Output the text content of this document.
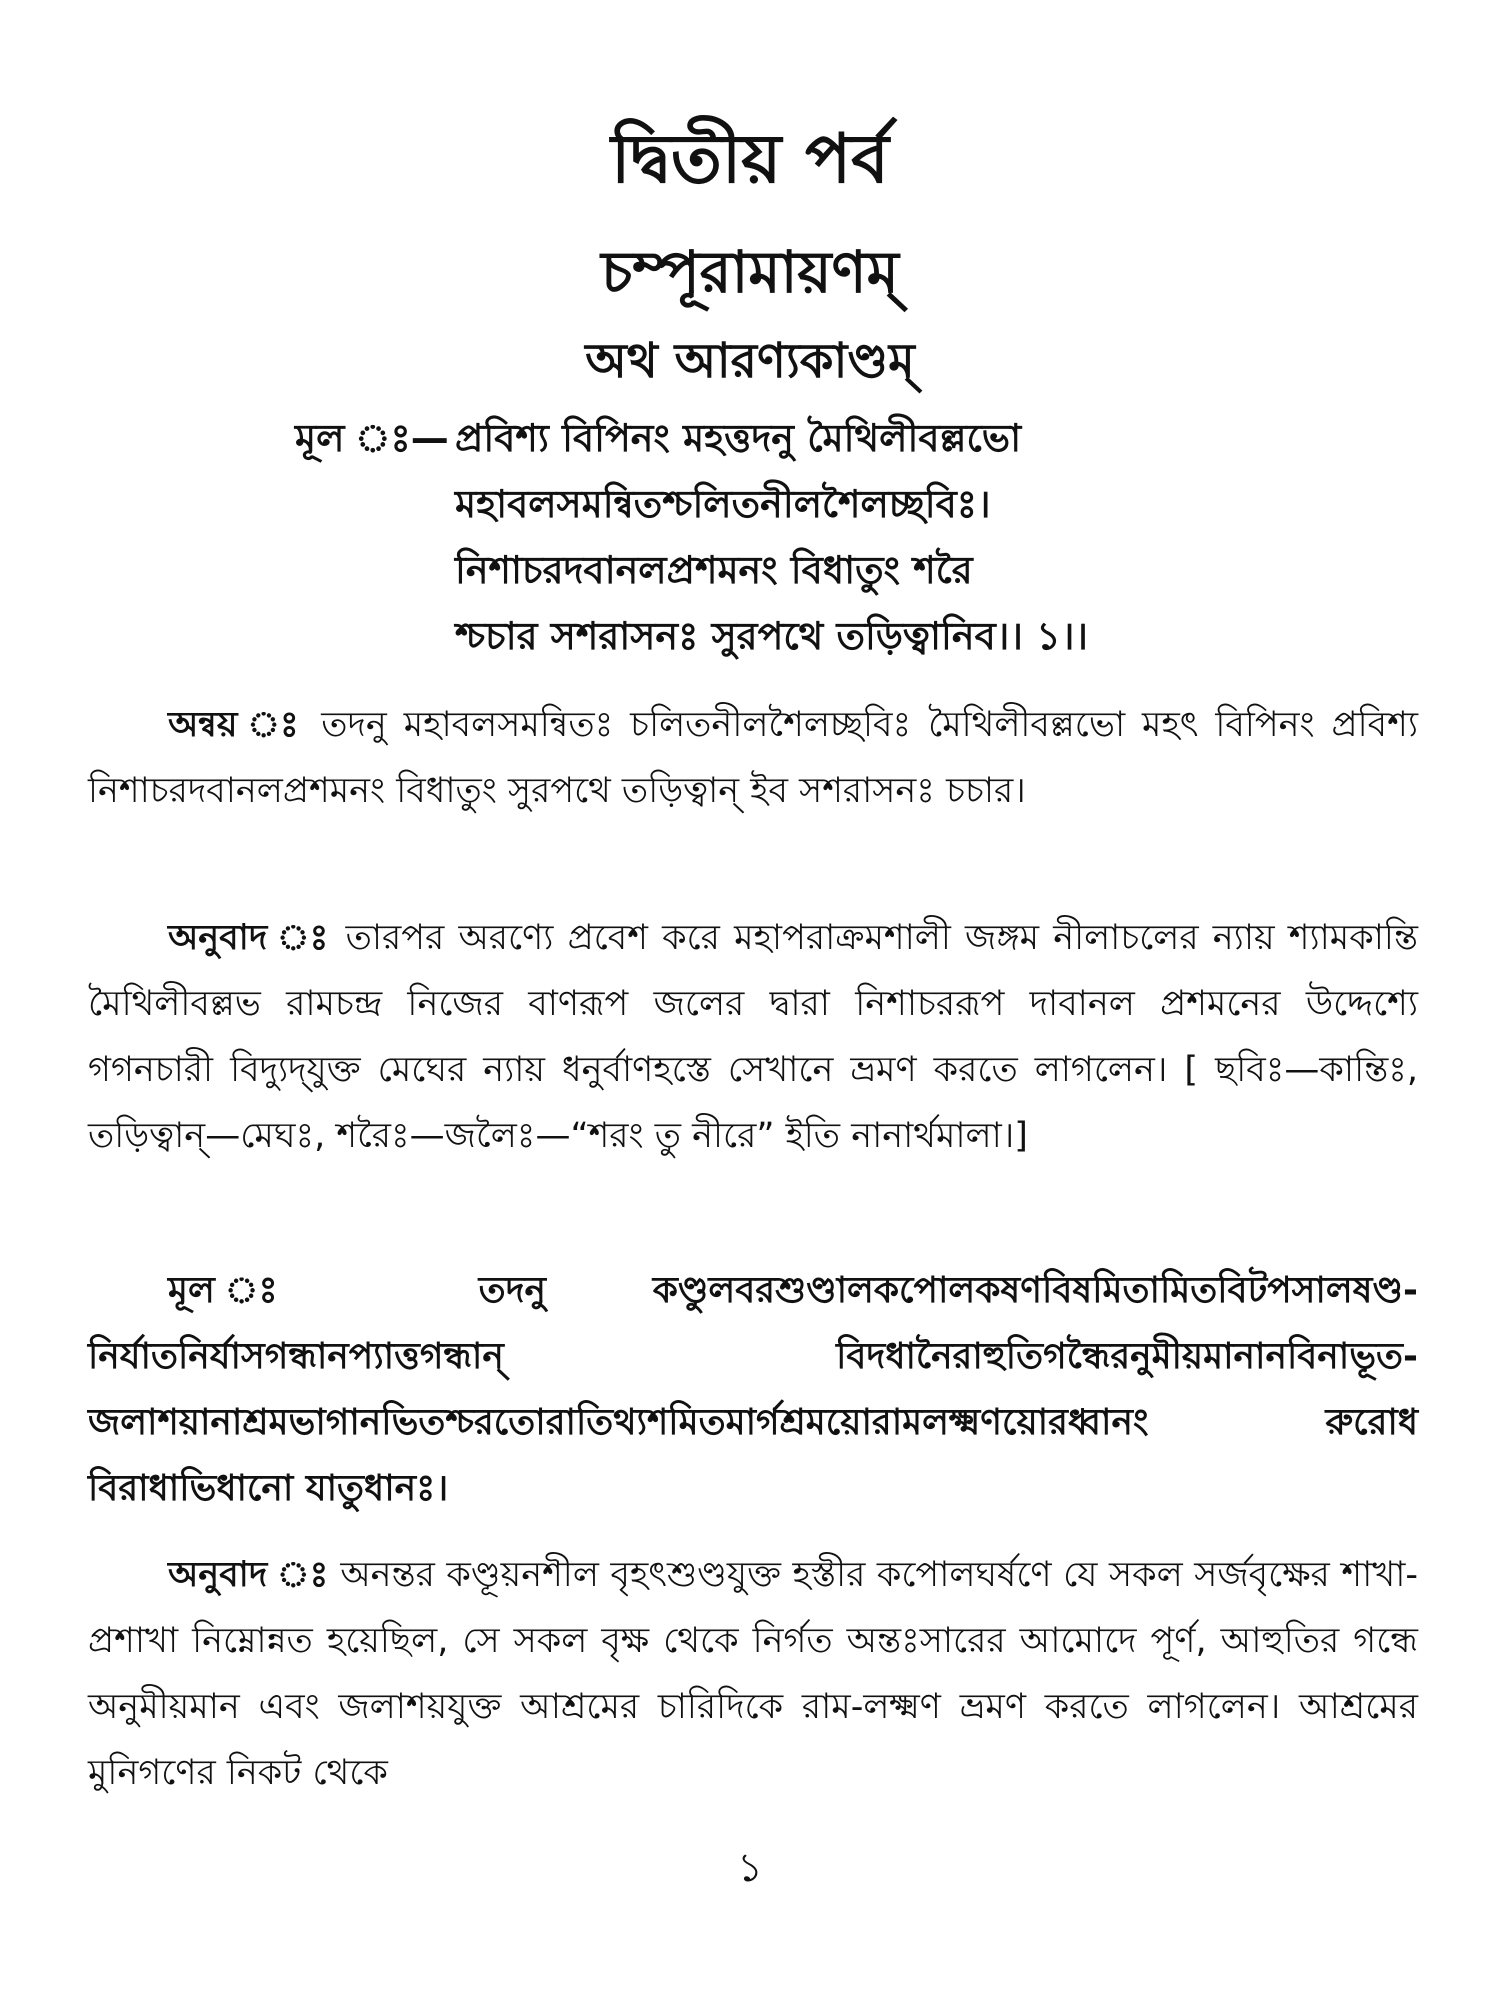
দ্বিতীয় পর্ব
চম্পূরামায়ণম্
অথ আরণ্যকাণ্ডম্
মূল ঃ— প্রবিশ্য বিপিনং মহত্তদনু মৈথিলীবল্লভো
মহাবলসমন্বিতশ্চলিতনীলশৈলচ্ছবিঃ।
নিশাচরদবানলপ্রশমনং বিধাতুং শরৈ
শ্চচার সশরাসনঃ সুরপথে তড়িত্বানিব।। ১।।
অন্বয় ঃ তদনু মহাবলসমন্বিতঃ চলিতনীলশৈলচ্ছবিঃ মৈথিলীবল্লভো মহৎ বিপিনং প্রবিশ্য নিশাচরদবানলপ্রশমনং বিধাতুং সুরপথে তড়িত্বান্ ইব সশরাসনঃ চচার।
অনুবাদ ঃ তারপর অরণ্যে প্রবেশ করে মহাপরাক্রমশালী জঙ্গম নীলাচলের ন্যায় শ্যামকান্তি মৈথিলীবল্লভ রামচন্দ্র নিজের বাণরূপ জলের দ্বারা নিশাচররূপ দাবানল প্রশমনের উদ্দেশ্যে গগনচারী বিদ্যুদ্‌যুক্ত মেঘের ন্যায় ধনুর্বাণহস্তে সেখানে ভ্রমণ করতে লাগলেন। [ ছবিঃ—কান্তিঃ, তড়িত্বান্—মেঘঃ, শরৈঃ—জলৈঃ—“শরং তু নীরে” ইতি নানার্থমালা।]
মূল ঃ	তদনু কণ্ডুলবরশুণ্ডালকপোলকষণবিষমিতামিতবিটপসালষণ্ড-নির্যাতনির্যাসগন্ধানপ্যাত্তগন্ধান্ বিদধানৈরাহুতিগন্ধৈরনুমীয়মানানবিনাভূত-জলাশয়ানাশ্রমভাগানভিতশ্চরতোরাতিথ্যশমিতমার্গশ্রময়োরামলক্ষ্মণয়োরধ্বানং রুরোধ বিরাধাভিধানো যাতুধানঃ।
অনুবাদ ঃ অনন্তর কণ্ডূয়নশীল বৃহৎশুণ্ডযুক্ত হস্তীর কপোলঘর্ষণে যে সকল সর্জবৃক্ষের শাখা-প্রশাখা নিম্নোন্নত হয়েছিল, সে সকল বৃক্ষ থেকে নির্গত অন্তঃসারের আমোদে পূর্ণ, আহুতির গন্ধে অনুমীয়মান এবং জলাশয়যুক্ত আশ্রমের চারিদিকে রাম-লক্ষ্মণ ভ্রমণ করতে লাগলেন। আশ্রমের মুনিগণের নিকট থেকে
১
